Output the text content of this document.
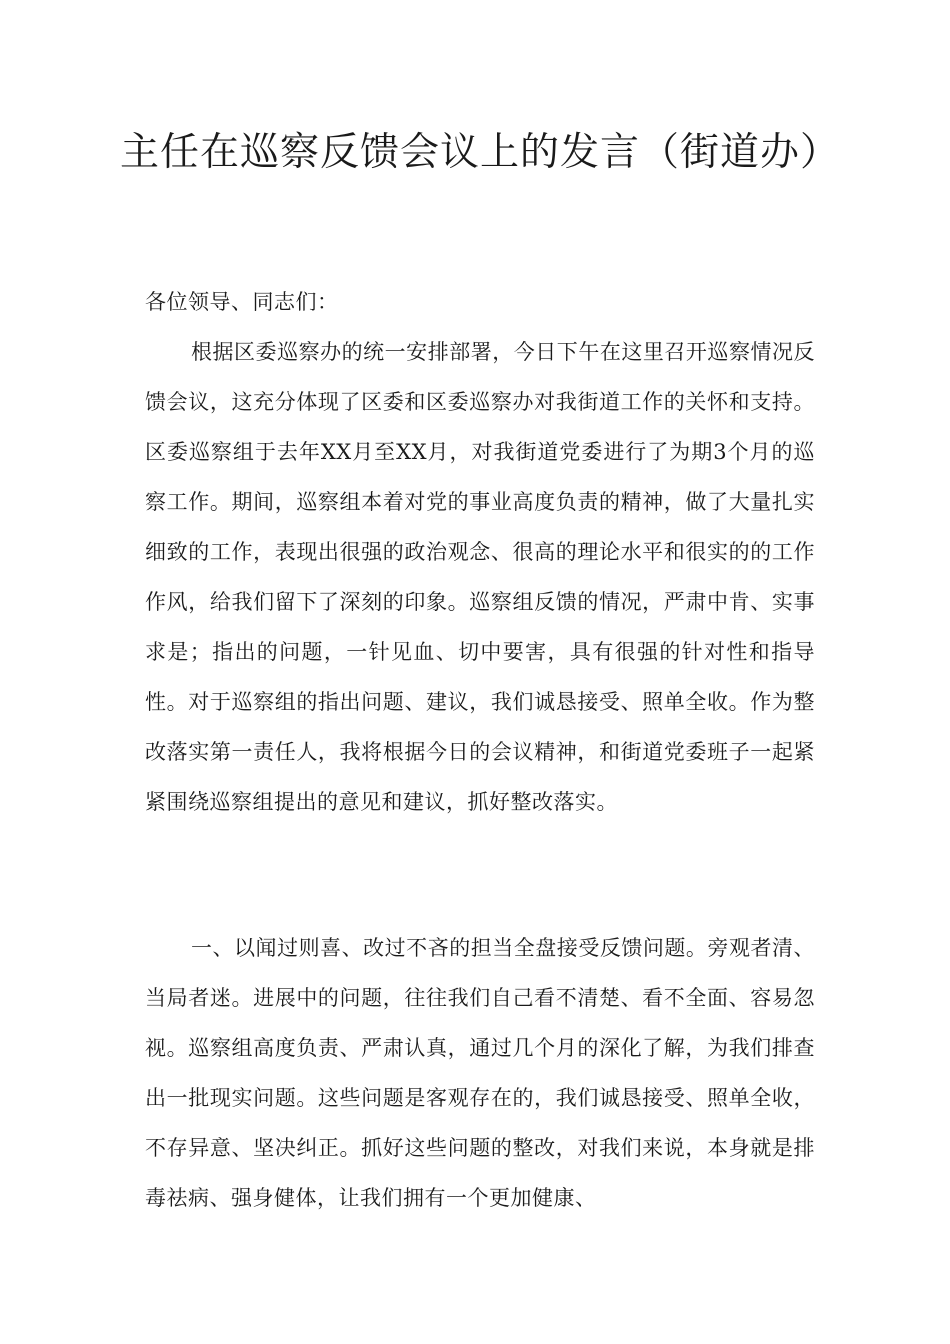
主任在巡察反馈会议上的发言（街道办）

各位领导、同志们：

根据区委巡察办的统一安排部署，今日下午在这里召开巡察情况反馈会议，这充分体现了区委和区委巡察办对我街道工作的关怀和支持。区委巡察组于去年XX月至XX月，对我街道党委进行了为期3个月的巡察工作。期间，巡察组本着对党的事业高度负责的精神，做了大量扎实细致的工作，表现出很强的政治观念、很高的理论水平和很实的的工作作风，给我们留下了深刻的印象。巡察组反馈的情况，严肃中肯、实事求是；指出的问题，一针见血、切中要害，具有很强的针对性和指导性。对于巡察组的指出问题、建议，我们诚恳接受、照单全收。作为整改落实第一责任人，我将根据今日的会议精神，和街道党委班子一起紧紧围绕巡察组提出的意见和建议，抓好整改落实。

一、以闻过则喜、改过不吝的担当全盘接受反馈问题。旁观者清、当局者迷。进展中的问题，往往我们自己看不清楚、看不全面、容易忽视。巡察组高度负责、严肃认真，通过几个月的深化了解，为我们排查出一批现实问题。这些问题是客观存在的，我们诚恳接受、照单全收，不存异意、坚决纠正。抓好这些问题的整改，对我们来说，本身就是排毒祛病、强身健体，让我们拥有一个更加健康、
